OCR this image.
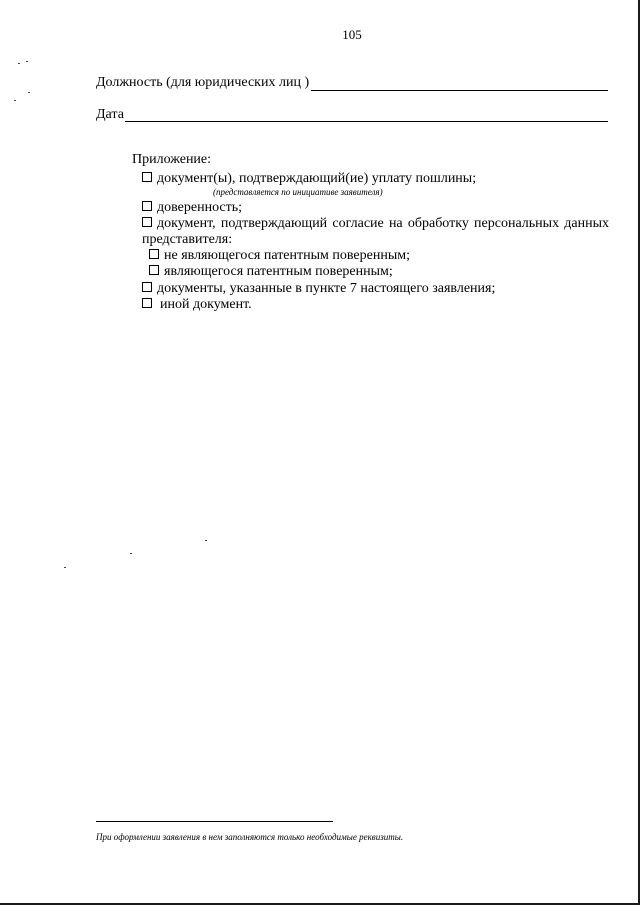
105
Должность (для юридических лиц )
Дата
Приложение:
документ(ы), подтверждающий(ие) уплату пошлины;
(представляется по инициативе заявителя)
доверенность;
документ, подтверждающий согласие на обработку персональных данных
представителя:
не являющегося патентным поверенным;
являющегося патентным поверенным;
документы, указанные в пункте 7 настоящего заявления;
иной документ.
При оформлении заявления в нем заполняются только необходимые реквизиты.
